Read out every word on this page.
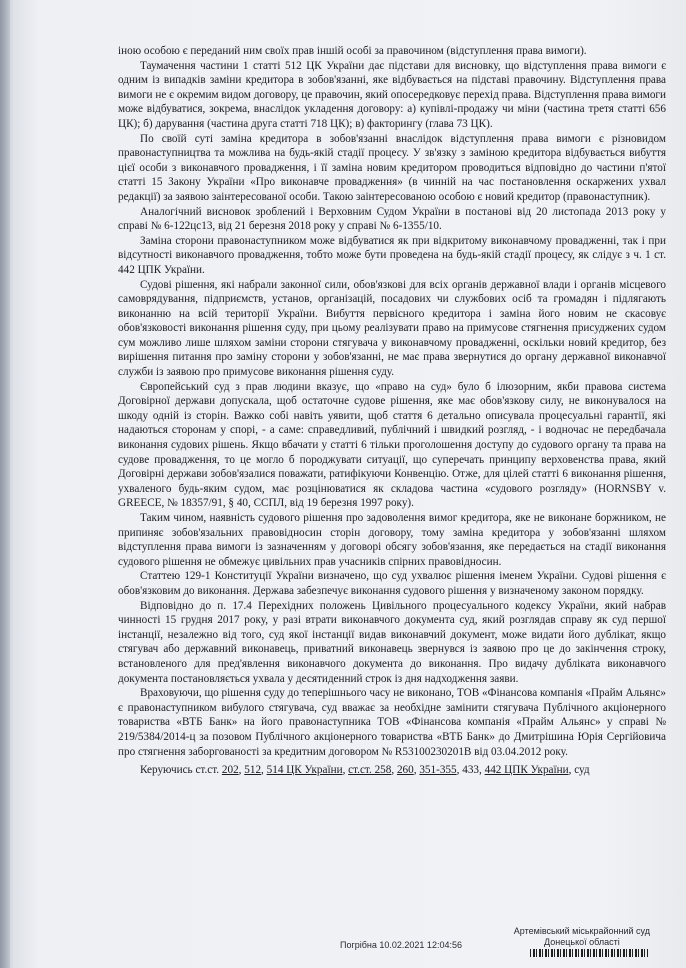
іною особою є переданий ним своїх прав іншій особі за правочином (відступлення права вимоги).

Таумачення частини 1 статті 512 ЦК України дає підстави для висновку, що відступлення права вимоги є одним із випадків заміни кредитора в зобов'язанні, яке відбувається на підставі правочину. Відступлення права вимоги не є окремим видом договору, це правочин, який опосередковує перехід права. Відступлення права вимоги може відбуватися, зокрема, внаслідок укладення договору: а) купівлі-продажу чи міни (частина третя статті 656 ЦК); б) дарування (частина друга статті 718 ЦК); в) факторингу (глава 73 ЦК).

По своїй суті заміна кредитора в зобов'язанні внаслідок відступлення права вимоги є різновидом правонаступництва та можлива на будь-якій стадії процесу. У зв'язку з заміною кредитора відбувається вибуття цієї особи з виконавчого провадження, і її заміна новим кредитором проводиться відповідно до частини п'ятої статті 15 Закону України «Про виконавче провадження» (в чинній на час постановлення оскаржених ухвал редакції) за заявою заінтересованої особи. Такою заінтересованою особою є новий кредитор (правонаступник).

Аналогічний висновок зроблений і Верховним Судом України в постанові від 20 листопада 2013 року у справі № 6-122цс13, від 21 березня 2018 року у справі № 6-1355/10.

Заміна сторони правонаступником може відбуватися як при відкритому виконавчому провадженні, так і при відсутності виконавчого провадження, тобто може бути проведена на будь-якій стадії процесу, як слідує з ч. 1 ст. 442 ЦПК України.

Судові рішення, які набрали законної сили, обов'язкові для всіх органів державної влади і органів місцевого самоврядування, підприємств, установ, організацій, посадових чи службових осіб та громадян і підлягають виконанню на всій території України. Вибуття первісного кредитора і заміна його новим не скасовує обов'язковості виконання рішення суду, при цьому реалізувати право на примусове стягнення присуджених судом сум можливо лише шляхом заміни сторони стягувача у виконавчому провадженні, оскільки новий кредитор, без вирішення питання про заміну сторони у зобов'язанні, не має права звернутися до органу державної виконавчої служби із заявою про примусове виконання рішення суду.

Європейський суд з прав людини вказує, що «право на суд» було б ілюзорним, якби правова система Договірної держави допускала, щоб остаточне судове рішення, яке має обов'язкову силу, не виконувалося на шкоду одній із сторін. Важко собі навіть уявити, щоб стаття 6 детально описувала процесуальні гарантії, які надаються сторонам у спорі, - а саме: справедливий, публічний і швидкий розгляд, - і водночас не передбачала виконання судових рішень. Якщо вбачати у статті 6 тільки проголошення доступу до судового органу та права на судове провадження, то це могло б породжувати ситуації, що суперечать принципу верховенства права, який Договірні держави зобов'язалися поважати, ратифікуючи Конвенцію. Отже, для цілей статті 6 виконання рішення, ухваленого будь-яким судом, має розцінюватися як складова частина «судового розгляду» (HORNSBY v. GREECE, № 18357/91, § 40, ССПЛ, від 19 березня 1997 року).

Таким чином, наявність судового рішення про задоволення вимог кредитора, яке не виконане боржником, не припиняє зобов'язальних правовідносин сторін договору, тому заміна кредитора у зобов'язанні шляхом відступлення права вимоги із зазначенням у договорі обсягу зобов'язання, яке передається на стадії виконання судового рішення не обмежує цивільних прав учасників спірних правовідносин.

Статтею 129-1 Конституції України визначено, що суд ухвалює рішення іменем України. Судові рішення є обов'язковим до виконання. Держава забезпечує виконання судового рішення у визначеному законом порядку.

Відповідно до п. 17.4 Перехідних положень Цивільного процесуального кодексу України, який набрав чинності 15 грудня 2017 року, у разі втрати виконавчого документа суд, який розглядав справу як суд першої інстанції, незалежно від того, суд якої інстанції видав виконавчий документ, може видати його дублікат, якщо стягувач або державний виконавець, приватний виконавець звернувся із заявою про це до закінчення строку, встановленого для пред'явлення виконавчого документа до виконання. Про видачу дубліката виконавчого документа постановляється ухвала у десятиденний строк із дня надходження заяви.

Враховуючи, що рішення суду до теперішнього часу не виконано, ТОВ «Фінансова компанія «Прайм Альянс» є правонаступником вибулого стягувача, суд вважає за необхідне замінити стягувача Публічного акціонерного товариства «ВТБ Банк» на його правонаступника ТОВ «Фінансова компанія «Прайм Альянс» у справі № 219/5384/2014-ц за позовом Публічного акціонерного товариства «ВТБ Банк» до Дмитрішина Юрія Сергійовича про стягнення заборгованості за кредитним договором № R53100230201В від 03.04.2012 року.

Керуючись ст.ст. 202, 512, 514 ЦК України, ст.ст. 258, 260, 351-355, 433, 442 ЦПК України, суд

Артемівський міськрайонний суд
Донецької області
Погрібна 10.02.2021 12:04:56
